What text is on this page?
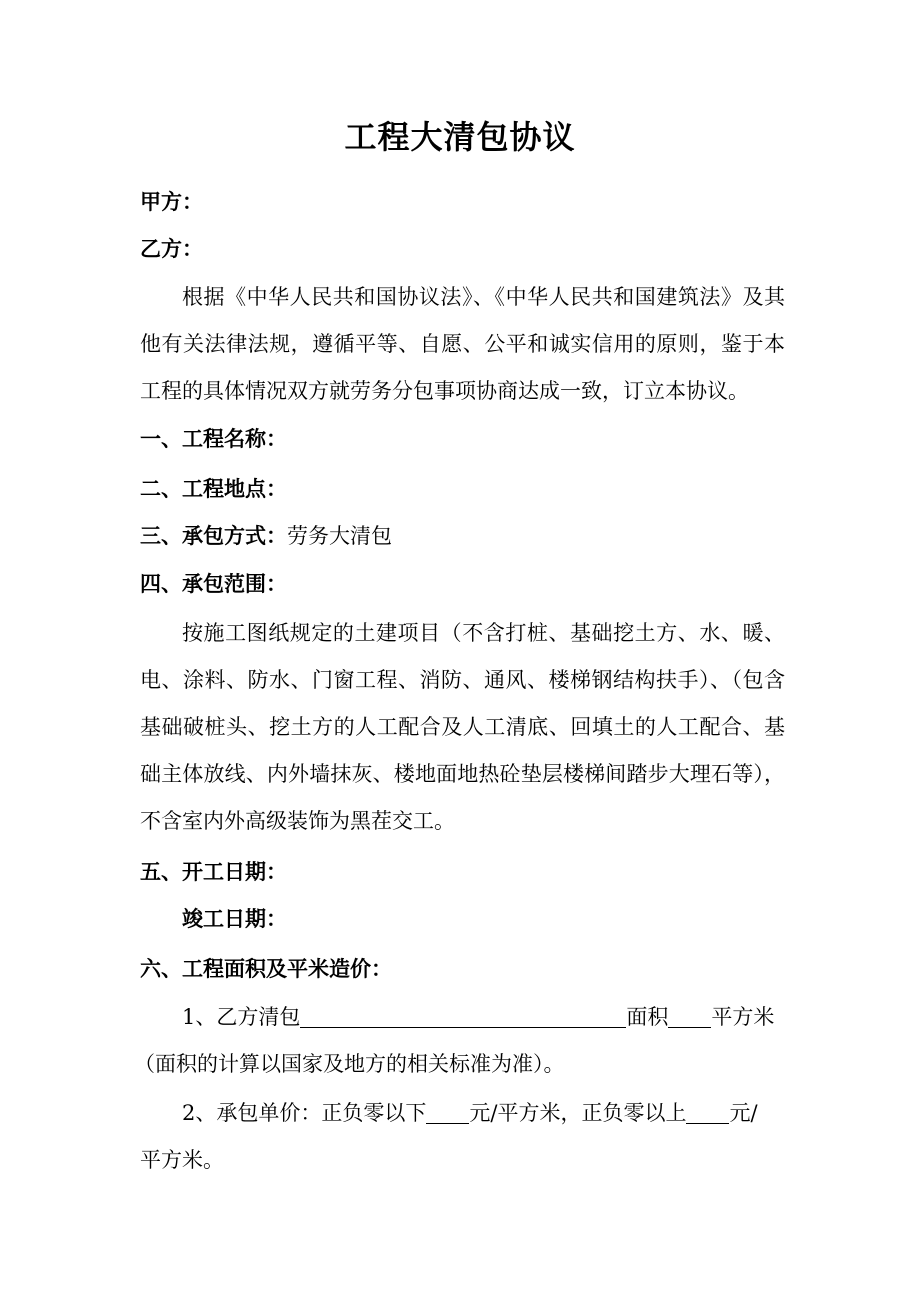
工程大清包协议
甲方：
乙方：
根据《中华人民共和国协议法》、《中华人民共和国建筑法》及其他有关法律法规，遵循平等、自愿、公平和诚实信用的原则，鉴于本工程的具体情况双方就劳务分包事项协商达成一致，订立本协议。
一、工程名称：
二、工程地点：
三、承包方式：劳务大清包
四、承包范围：
按施工图纸规定的土建项目（不含打桩、基础挖土方、水、暖、电、涂料、防水、门窗工程、消防、通风、楼梯钢结构扶手）、（包含基础破桩头、挖土方的人工配合及人工清底、回填土的人工配合、基础主体放线、内外墙抹灰、楼地面地热砼垫层楼梯间踏步大理石等），不含室内外高级装饰为黑茬交工。
五、开工日期：
竣工日期：
六、工程面积及平米造价：
1、乙方清包	面积 平方米
（面积的计算以国家及地方的相关标准为准）。
2、承包单价：正负零以下 元/平方米，正负零以上 元/
平方米。
